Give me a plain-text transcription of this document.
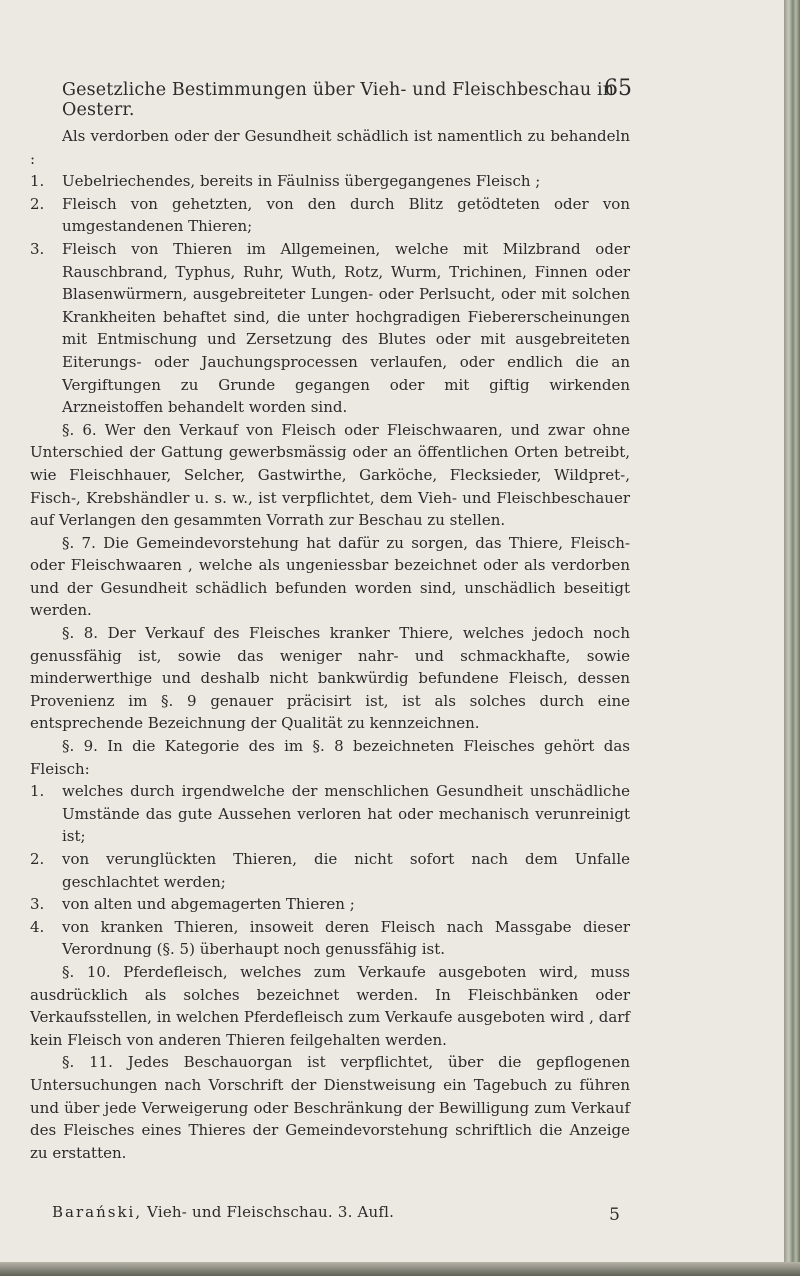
Gesetzliche Bestimmungen über Vieh- und Fleischbeschau in Oesterr.
65

Als verdorben oder der Gesundheit schädlich ist namentlich zu behandeln :

1. Uebelriechendes, bereits in Fäulniss übergegangenes Fleisch ;

2. Fleisch von gehetzten, von den durch Blitz getödteten oder von umgestandenen Thieren;

3. Fleisch von Thieren im Allgemeinen, welche mit Milzbrand oder Rauschbrand, Typhus, Ruhr, Wuth, Rotz, Wurm, Trichinen, Finnen oder Blasenwürmern, ausgebreiteter Lungen- oder Perlsucht, oder mit solchen Krankheiten behaftet sind, die unter hochgradigen Fiebererscheinungen mit Entmischung und Zersetzung des Blutes oder mit ausgebreiteten Eiterungs- oder Jauchungsprocessen verlaufen, oder endlich die an Vergiftungen zu Grunde gegangen oder mit giftig wirkenden Arzneistoffen behandelt worden sind.

§. 6. Wer den Verkauf von Fleisch oder Fleischwaaren, und zwar ohne Unterschied der Gattung gewerbsmässig oder an öffentlichen Orten betreibt, wie Fleischhauer, Selcher, Gastwirthe, Garköche, Flecksieder, Wildpret-, Fisch-, Krebshändler u. s. w., ist verpflichtet, dem Vieh- und Fleischbeschauer auf Verlangen den gesammten Vorrath zur Beschau zu stellen.

§. 7. Die Gemeindevorstehung hat dafür zu sorgen, das Thiere, Fleisch- oder Fleischwaaren , welche als ungeniessbar bezeichnet oder als verdorben und der Gesundheit schädlich befunden worden sind, unschädlich beseitigt werden.

§. 8. Der Verkauf des Fleisches kranker Thiere, welches jedoch noch genussfähig ist, sowie das weniger nahr- und schmackhafte, sowie minderwerthige und deshalb nicht bankwürdig befundene Fleisch, dessen Provenienz im §. 9 genauer präcisirt ist, ist als solches durch eine entsprechende Bezeichnung der Qualität zu kennzeichnen.

§. 9. In die Kategorie des im §. 8 bezeichneten Fleisches gehört das Fleisch:

1. welches durch irgendwelche der menschlichen Gesundheit unschädliche Umstände das gute Aussehen verloren hat oder mechanisch verunreinigt ist;

2. von verunglückten Thieren, die nicht sofort nach dem Unfalle geschlachtet werden;

3. von alten und abgemagerten Thieren ;

4. von kranken Thieren, insoweit deren Fleisch nach Massgabe dieser Verordnung (§. 5) überhaupt noch genussfähig ist.

§. 10. Pferdefleisch, welches zum Verkaufe ausgeboten wird, muss ausdrücklich als solches bezeichnet werden. In Fleischbänken oder Verkaufsstellen, in welchen Pferdefleisch zum Verkaufe ausgeboten wird , darf kein Fleisch von anderen Thieren feilgehalten werden.

§. 11. Jedes Beschauorgan ist verpflichtet, über die gepflogenen Untersuchungen nach Vorschrift der Dienstweisung ein Tagebuch zu führen und über jede Verweigerung oder Beschränkung der Bewilligung zum Verkauf des Fleisches eines Thieres der Gemeindevorstehung schriftlich die Anzeige zu erstatten.

Barański, Vieh- und Fleischschau. 3. Aufl.	5
